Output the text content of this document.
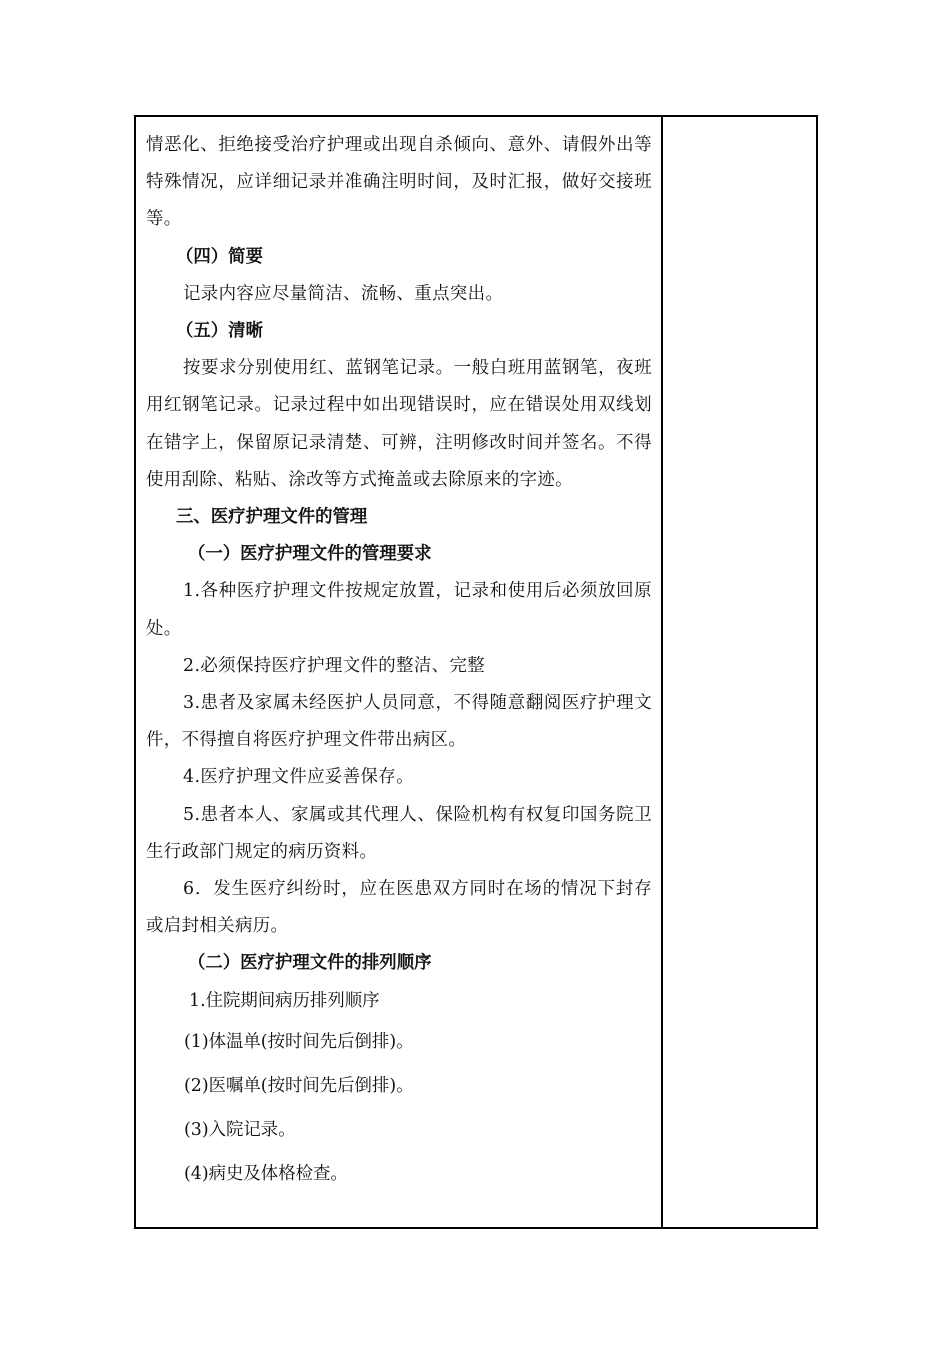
情恶化、拒绝接受治疗护理或出现自杀倾向、意外、请假外出等特殊情况，应详细记录并准确注明时间，及时汇报，做好交接班等。

（四）简要

记录内容应尽量简洁、流畅、重点突出。

（五）清晰

按要求分别使用红、蓝钢笔记录。一般白班用蓝钢笔，夜班用红钢笔记录。记录过程中如出现错误时，应在错误处用双线划在错字上，保留原记录清楚、可辨，注明修改时间并签名。不得使用刮除、粘贴、涂改等方式掩盖或去除原来的字迹。

三、医疗护理文件的管理

（一）医疗护理文件的管理要求

1.各种医疗护理文件按规定放置，记录和使用后必须放回原处。

2.必须保持医疗护理文件的整洁、完整

3.患者及家属未经医护人员同意，不得随意翻阅医疗护理文件，不得擅自将医疗护理文件带出病区。

4.医疗护理文件应妥善保存。

5.患者本人、家属或其代理人、保险机构有权复印国务院卫生行政部门规定的病历资料。

6．发生医疗纠纷时，应在医患双方同时在场的情况下封存或启封相关病历。

（二）医疗护理文件的排列顺序

1.住院期间病历排列顺序

(1)体温单(按时间先后倒排)。

(2)医嘱单(按时间先后倒排)。

(3)入院记录。

(4)病史及体格检查。
